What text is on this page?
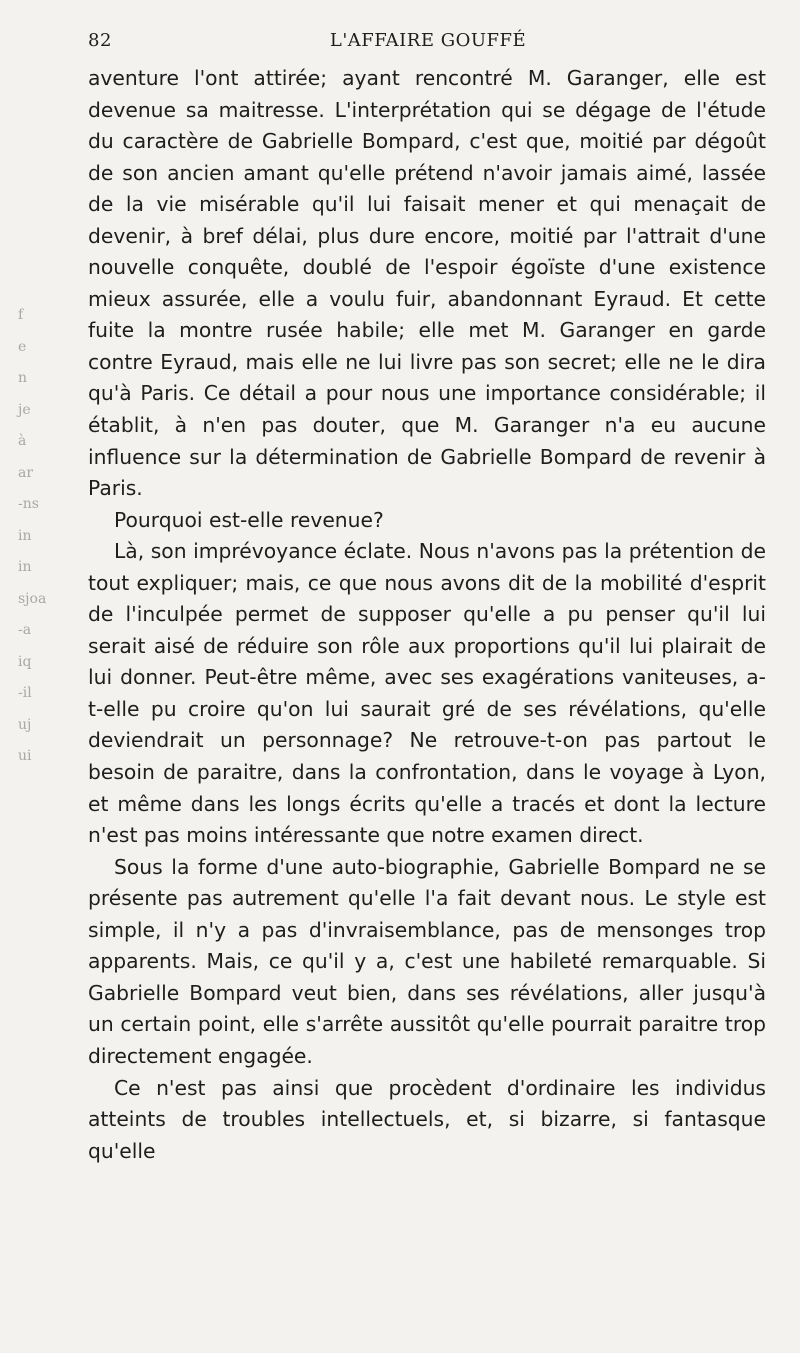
82	L'AFFAIRE GOUFFÉ
f
e
n
je
à
ar
-ns
in
in
sjoa
-a
iq
-il
uj
ui

aventure l'ont attirée; ayant rencontré M. Garanger, elle est devenue sa maitresse. L'interprétation qui se dégage de l'étude du caractère de Gabrielle Bompard, c'est que, moitié par dégoût de son ancien amant qu'elle prétend n'avoir jamais aimé, lassée de la vie misérable qu'il lui faisait mener et qui menaçait de devenir, à bref délai, plus dure encore, moitié par l'attrait d'une nouvelle conquête, doublé de l'espoir égoïste d'une existence mieux assurée, elle a voulu fuir, abandonnant Eyraud. Et cette fuite la montre rusée habile; elle met M. Garanger en garde contre Eyraud, mais elle ne lui livre pas son secret; elle ne le dira qu'à Paris. Ce détail a pour nous une importance considérable; il établit, à n'en pas douter, que M. Garanger n'a eu aucune influence sur la détermination de Gabrielle Bompard de revenir à Paris.

Pourquoi est-elle revenue?

Là, son imprévoyance éclate. Nous n'avons pas la prétention de tout expliquer; mais, ce que nous avons dit de la mobilité d'esprit de l'inculpée permet de supposer qu'elle a pu penser qu'il lui serait aisé de réduire son rôle aux proportions qu'il lui plairait de lui donner. Peut-être même, avec ses exagérations vaniteuses, a-t-elle pu croire qu'on lui saurait gré de ses révélations, qu'elle deviendrait un personnage? Ne retrouve-t-on pas partout le besoin de paraitre, dans la confrontation, dans le voyage à Lyon, et même dans les longs écrits qu'elle a tracés et dont la lecture n'est pas moins intéressante que notre examen direct.

Sous la forme d'une auto-biographie, Gabrielle Bompard ne se présente pas autrement qu'elle l'a fait devant nous. Le style est simple, il n'y a pas d'invraisemblance, pas de mensonges trop apparents. Mais, ce qu'il y a, c'est une habileté remarquable. Si Gabrielle Bompard veut bien, dans ses révélations, aller jusqu'à un certain point, elle s'arrête aussitôt qu'elle pourrait paraitre trop directement engagée.

Ce n'est pas ainsi que procèdent d'ordinaire les individus atteints de troubles intellectuels, et, si bizarre, si fantasque qu'elle
